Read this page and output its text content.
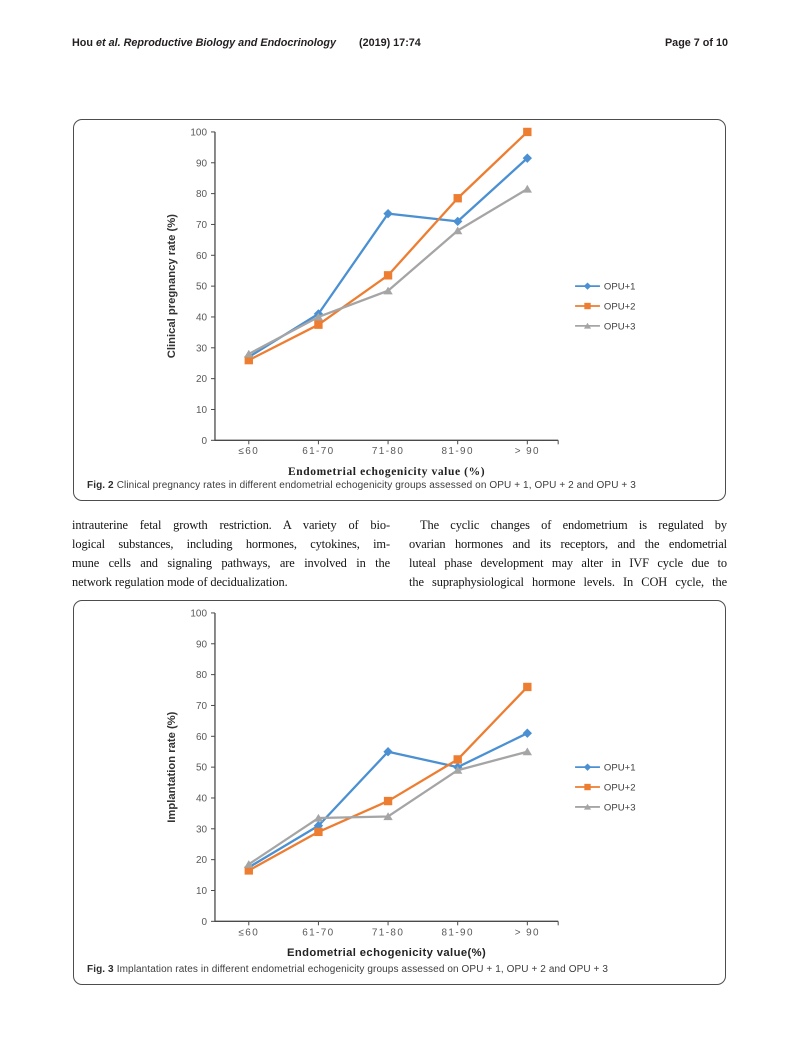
Hou et al. Reproductive Biology and Endocrinology (2019) 17:74	Page 7 of 10
0
10
20
30
40
50
60
70
80
90
100
≤60	61-70	71-80	81-90	> 90
OPU+1
OPU+2
OPU+3
Clinical pregnancy rate (%)
Endometrial echogenicity value (%)
Fig. 2 Clinical pregnancy rates in different endometrial echogenicity groups assessed on OPU + 1, OPU + 2 and OPU + 3
intrauterine fetal growth restriction. A variety of bio-
logical substances, including hormones, cytokines, im-
mune cells and signaling pathways, are involved in the
network regulation mode of decidualization.
The cyclic changes of endometrium is regulated by
ovarian hormones and its receptors, and the endometrial
luteal phase development may alter in IVF cycle due to
the supraphysiological hormone levels. In COH cycle, the
0
10
20
30
40
50
60
70
80
90
100
≤60	61-70	71-80	81-90	> 90
OPU+1
OPU+2
OPU+3
Implantation rate (%)
Endometrial echogenicity value(%)
Fig. 3 Implantation rates in different endometrial echogenicity groups assessed on OPU + 1, OPU + 2 and OPU + 3
